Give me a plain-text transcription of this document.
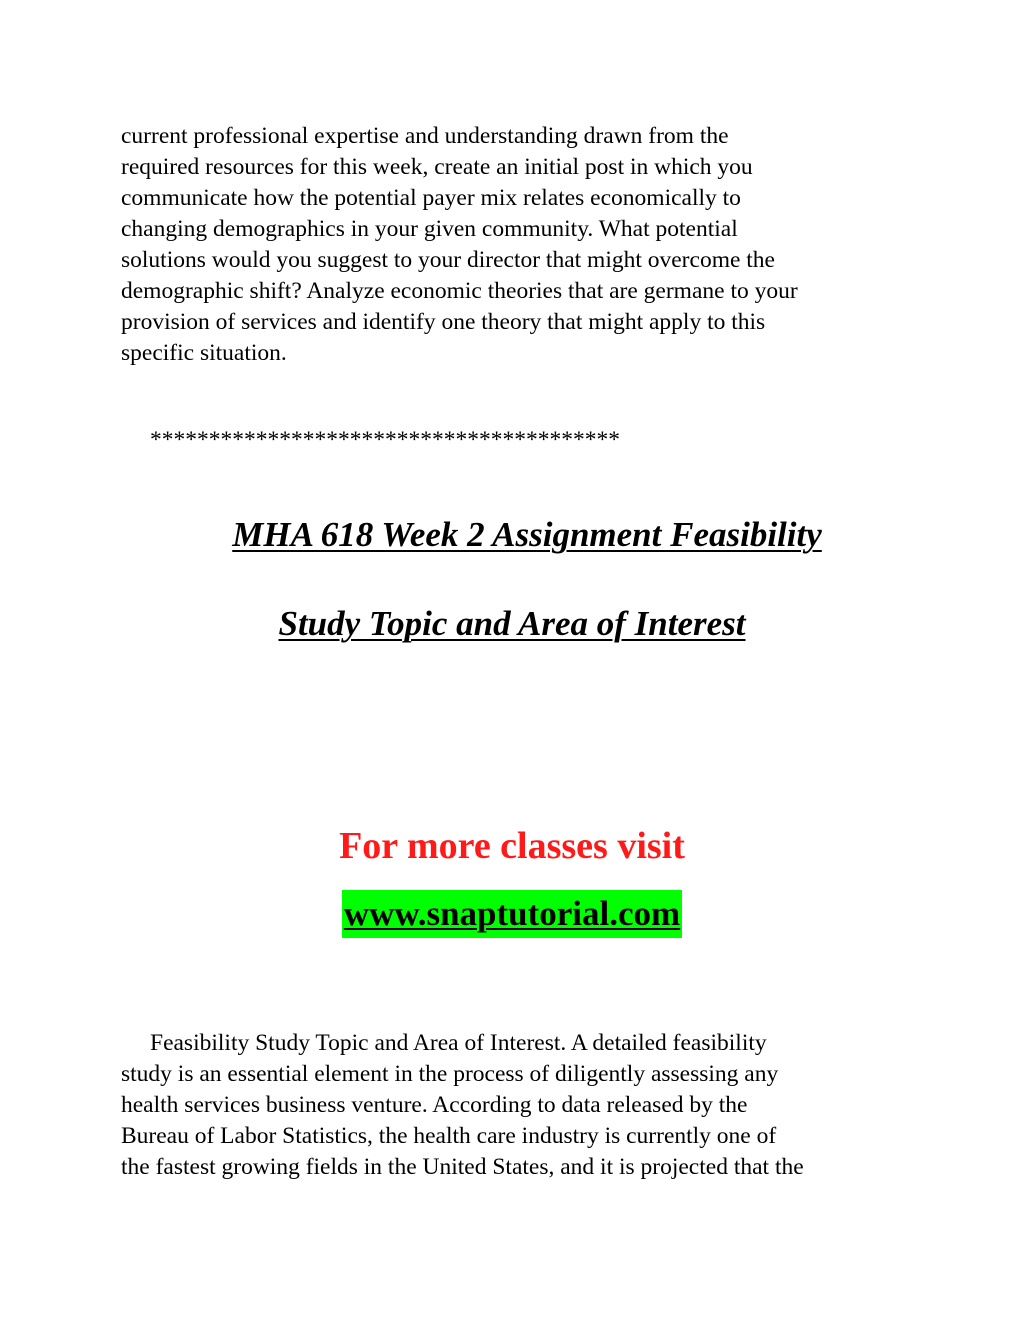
current professional expertise and understanding drawn from the
required resources for this week, create an initial post in which you
communicate how the potential payer mix relates economically to
changing demographics in your given community. What potential
solutions would you suggest to your director that might overcome the
demographic shift? Analyze economic theories that are germane to your
provision of services and identify one theory that might apply to this
specific situation.
****************************************
MHA 618 Week 2 Assignment Feasibility
Study Topic and Area of Interest
For more classes visit
www.snaptutorial.com
Feasibility Study Topic and Area of Interest. A detailed feasibility
study is an essential element in the process of diligently assessing any
health services business venture. According to data released by the
Bureau of Labor Statistics, the health care industry is currently one of
the fastest growing fields in the United States, and it is projected that the
